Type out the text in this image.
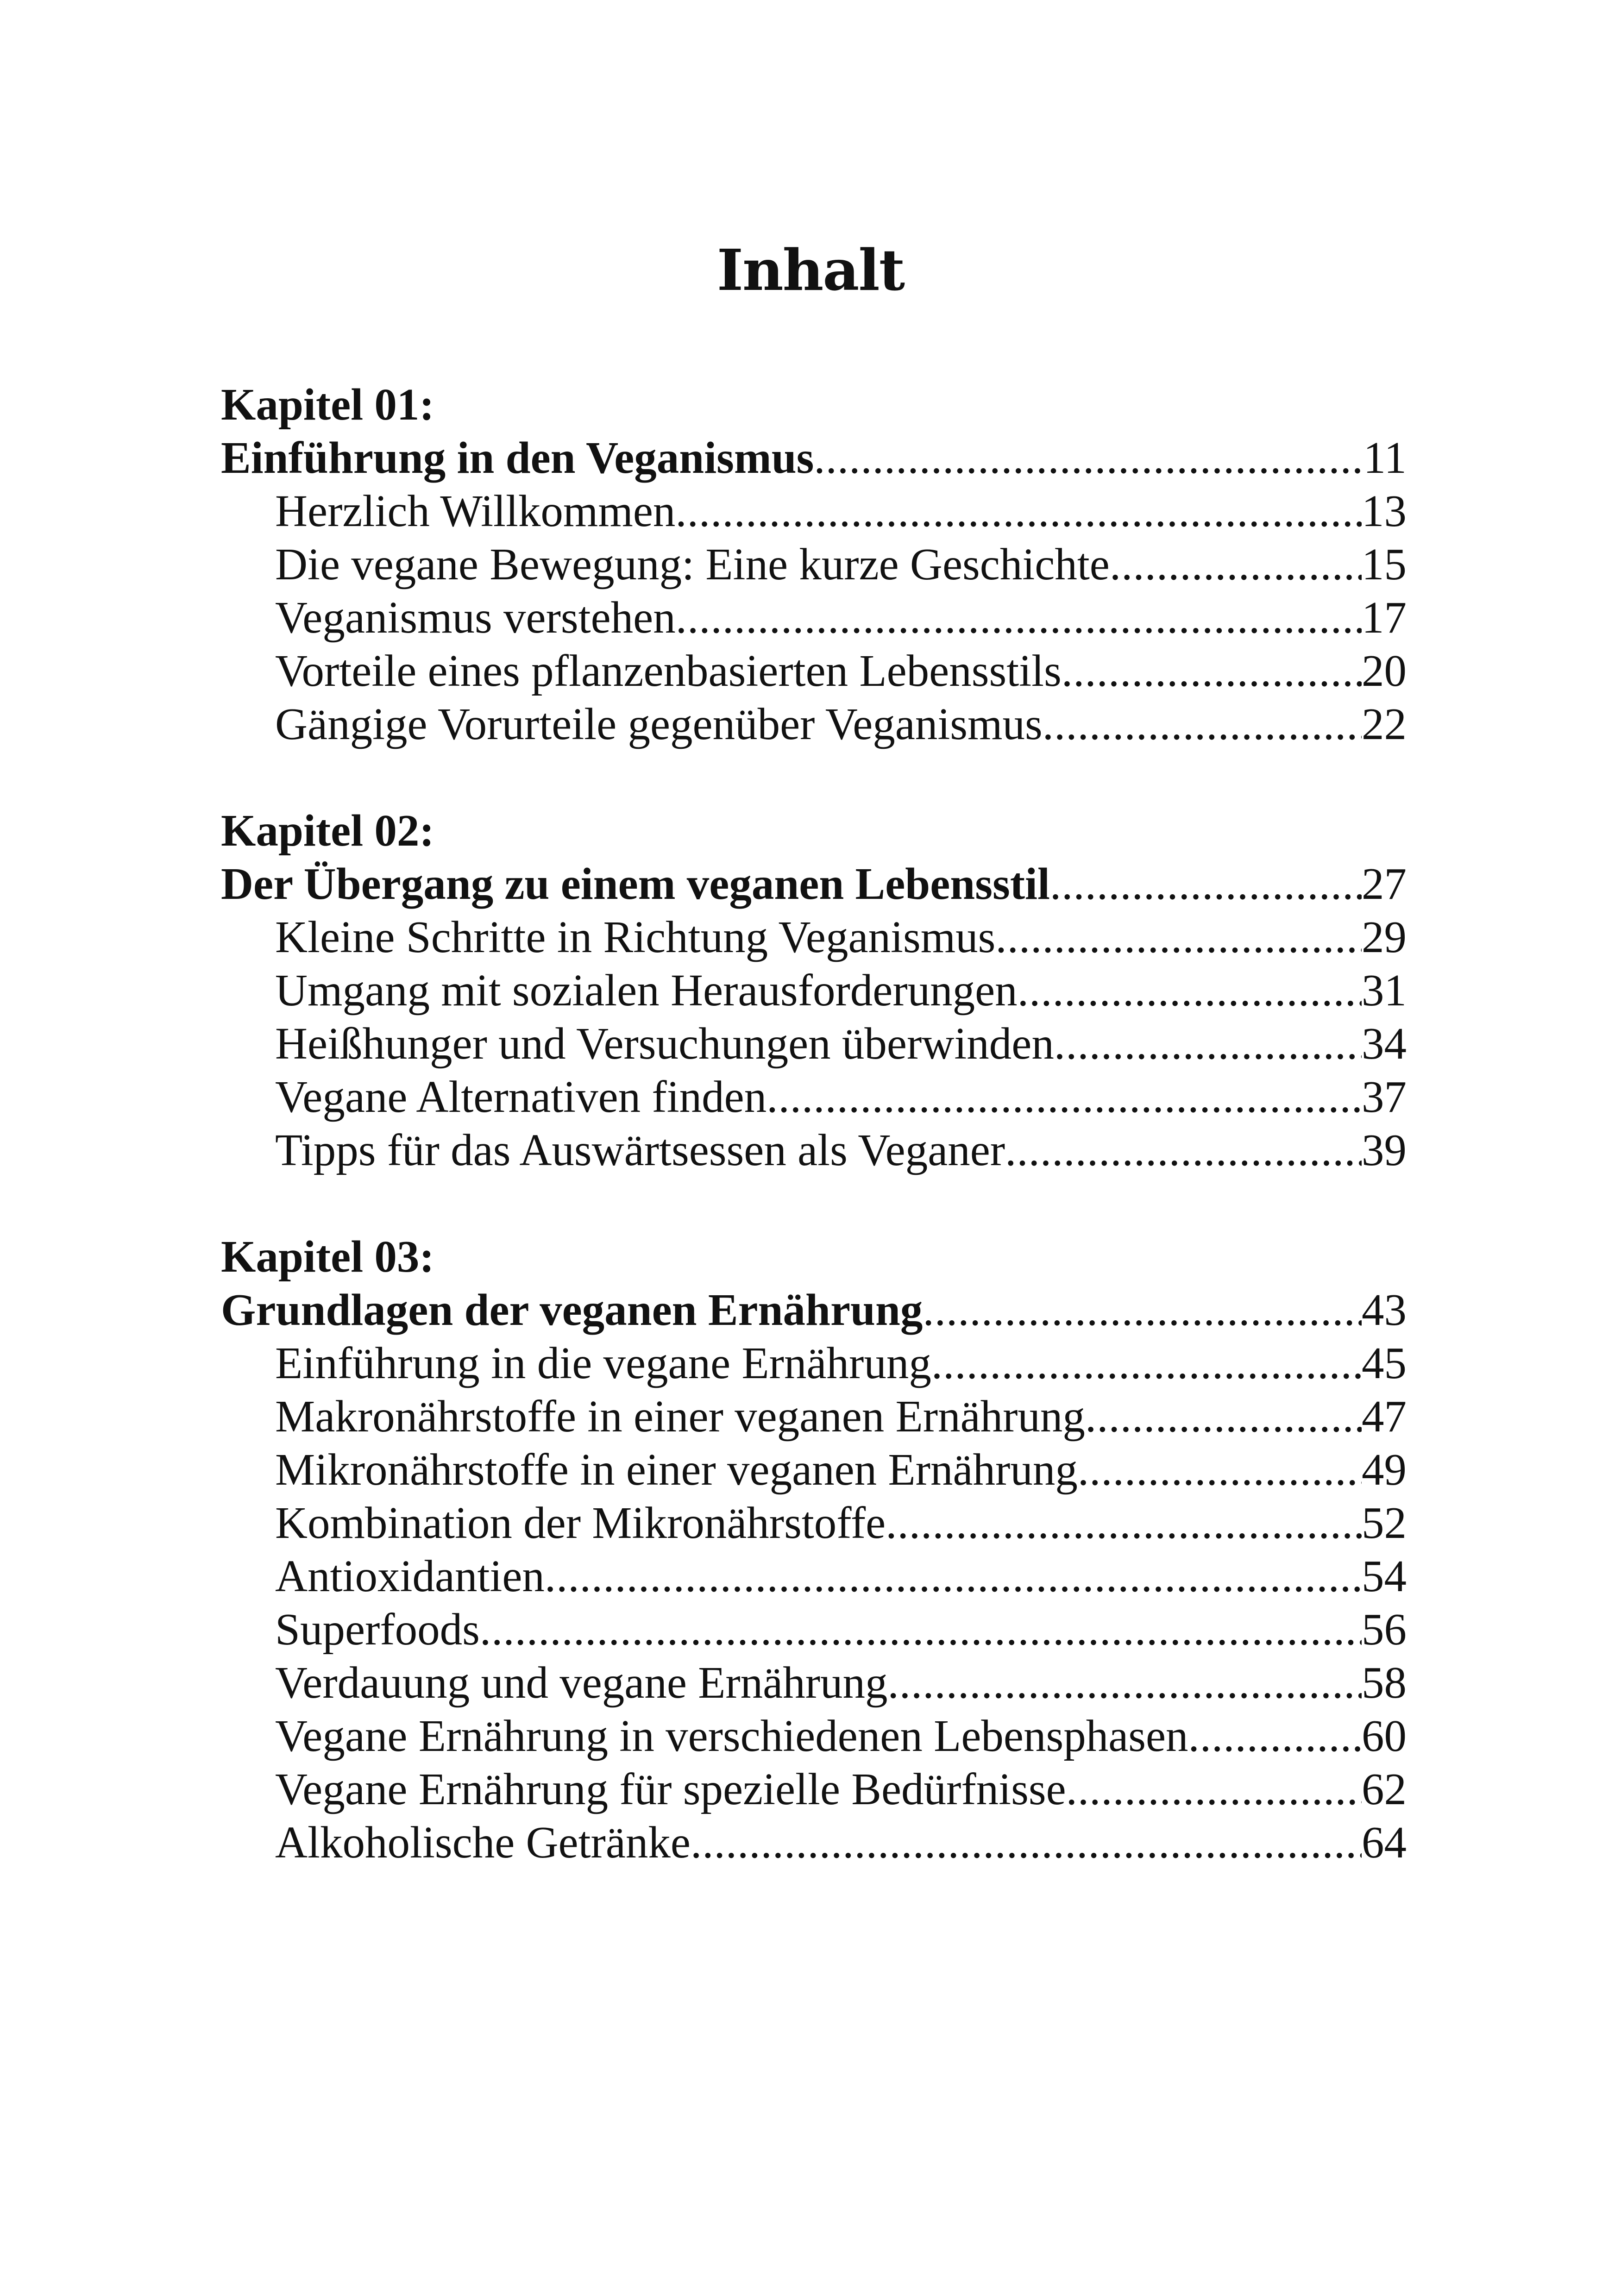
Inhalt
Kapitel 01:
Einführung in den Veganismus .....	11
Herzlich Willkommen .....	13
Die vegane Bewegung: Eine kurze Geschichte .....	15
Veganismus verstehen .....	17
Vorteile eines pflanzenbasierten Lebensstils .....	20
Gängige Vorurteile gegenüber Veganismus .....	22
Kapitel 02:
Der Übergang zu einem veganen Lebensstil .....	27
Kleine Schritte in Richtung Veganismus .....	29
Umgang mit sozialen Herausforderungen .....	31
Heißhunger und Versuchungen überwinden .....	34
Vegane Alternativen finden .....	37
Tipps für das Auswärtsessen als Veganer .....	39
Kapitel 03:
Grundlagen der veganen Ernährung .....	43
Einführung in die vegane Ernährung .....	45
Makronährstoffe in einer veganen Ernährung .....	47
Mikronährstoffe in einer veganen Ernährung .....	49
Kombination der Mikronährstoffe .....	52
Antioxidantien .....	54
Superfoods .....	56
Verdauung und vegane Ernährung .....	58
Vegane Ernährung in verschiedenen Lebensphasen .....	60
Vegane Ernährung für spezielle Bedürfnisse .....	62
Alkoholische Getränke .....	64
